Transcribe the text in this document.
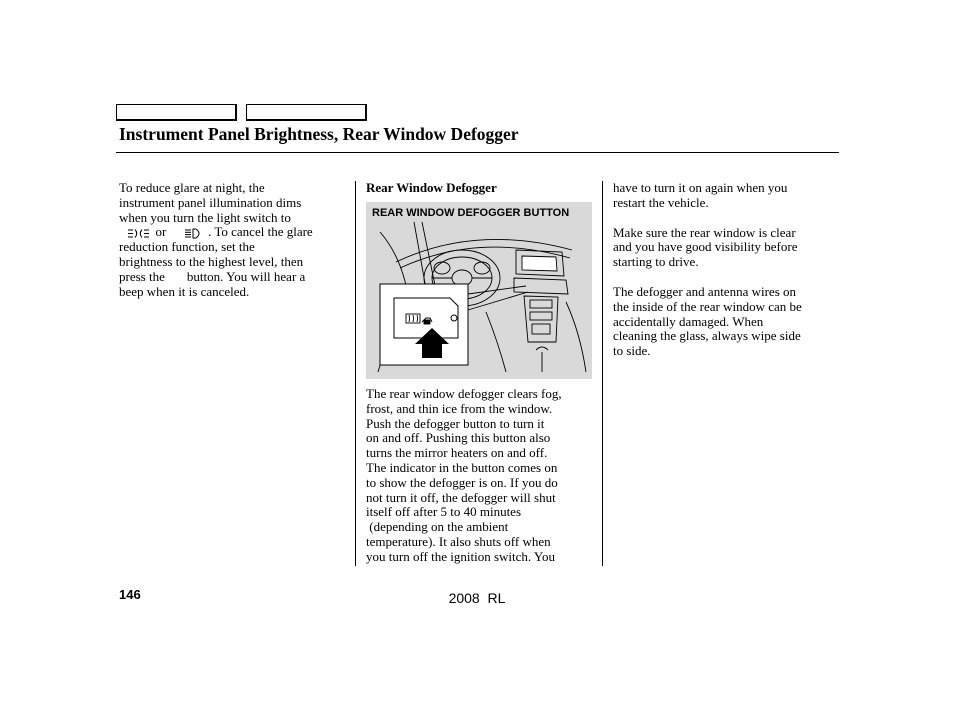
Instrument Panel Brightness, Rear Window Defogger

To reduce glare at night, the

instrument panel illumination dims

when you turn the light switch to

or	. To cancel the glare

reduction function, set the

brightness to the highest level, then

press the button. You will hear a

beep when it is canceled.

Rear Window Defogger
REAR WINDOW DEFOGGER BUTTON

The rear window defogger clears fog,

frost, and thin ice from the window.

Push the defogger button to turn it

on and off. Pushing this button also

turns the mirror heaters on and off.

The indicator in the button comes on

to show the defogger is on. If you do

not turn it off, the defogger will shut

itself off after 5 to 40 minutes

(depending on the ambient

temperature). It also shuts off when

you turn off the ignition switch. You

have to turn it on again when you
restart the vehicle.

Make sure the rear window is clear
and you have good visibility before
starting to drive.

The defogger and antenna wires on
the inside of the rear window can be
accidentally damaged. When
cleaning the glass, always wipe side
to side.

146	2008  RL
